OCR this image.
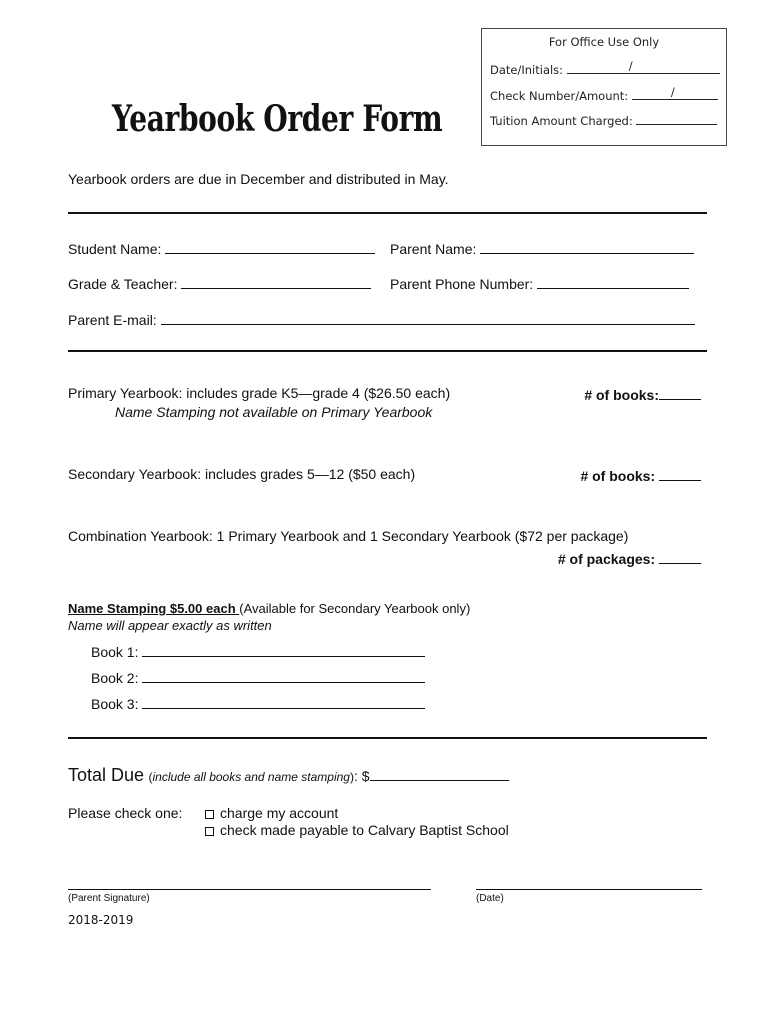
For Office Use Only
Date/Initials:	/
Check Number/Amount:	/
Tuition Amount Charged:
Yearbook Order Form
Yearbook orders are due in December and distributed in May.
Student Name:	Parent Name:
Grade & Teacher:	Parent Phone Number:
Parent E-mail:
Primary Yearbook: includes grade K5—grade 4 ($26.50 each)
Name Stamping not available on Primary Yearbook
# of books:
Secondary Yearbook: includes grades 5—12 ($50 each)	# of books:
Combination Yearbook: 1 Primary Yearbook and 1 Secondary Yearbook ($72 per package)
# of packages:
Name Stamping $5.00 each (Available for Secondary Yearbook only)
Name will appear exactly as written
Book 1:
Book 2:
Book 3:
Total Due (include all books and name stamping): $
Please check one:	charge my account
check made payable to Calvary Baptist School
(Parent Signature)	(Date)
2018-2019
